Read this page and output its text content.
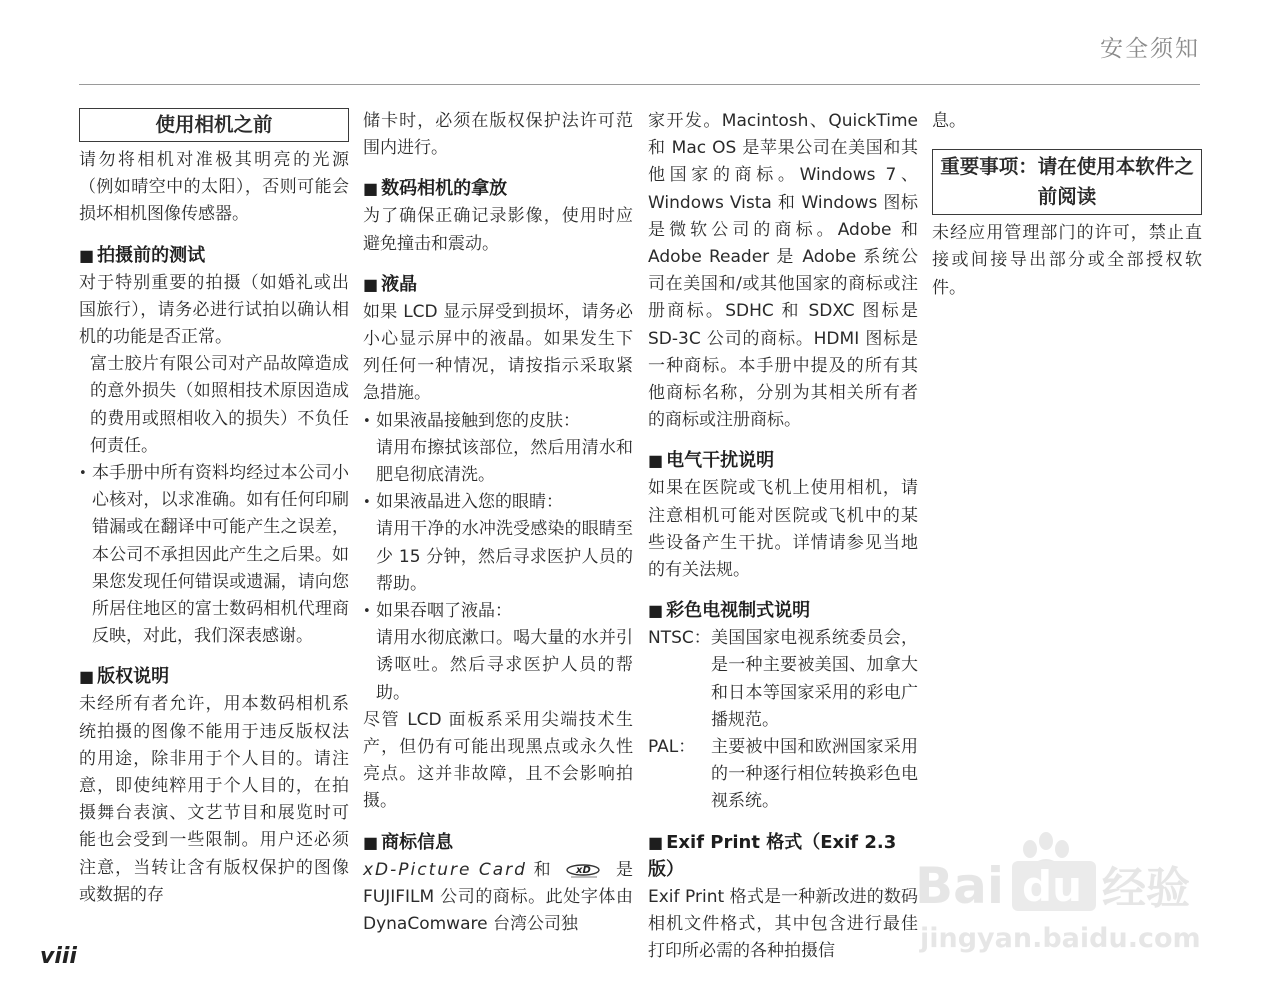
安全须知
使用相机之前

请勿将相机对准极其明亮的光源（例如晴空中的太阳），否则可能会损坏相机图像传感器。

■ 拍摄前的测试

对于特别重要的拍摄（如婚礼或出国旅行），请务必进行试拍以确认相机的功能是否正常。

富士胶片有限公司对产品故障造成的意外损失（如照相技术原因造成的费用或照相收入的损失）不负任何责任。

• 本手册中所有资料均经过本公司小心核对，以求准确。如有任何印刷错漏或在翻译中可能产生之误差，本公司不承担因此产生之后果。如果您发现任何错误或遗漏，请向您所居住地区的富士数码相机代理商反映，对此，我们深表感谢。
■ 版权说明

未经所有者允许，用本数码相机系统拍摄的图像不能用于违反版权法的用途，除非用于个人目的。请注意，即使纯粹用于个人目的，在拍摄舞台表演、文艺节目和展览时可能也会受到一些限制。用户还必须注意，当转让含有版权保护的图像或数据的存

储卡时，必须在版权保护法许可范围内进行。

■ 数码相机的拿放

为了确保正确记录影像，使用时应避免撞击和震动。

■ 液晶

如果 LCD 显示屏受到损坏，请务必小心显示屏中的液晶。如果发生下列任何一种情况，请按指示采取紧急措施。

• 如果液晶接触到您的皮肤：

请用布擦拭该部位，然后用清水和肥皂彻底清洗。

• 如果液晶进入您的眼睛：

请用干净的水冲洗受感染的眼睛至少 15 分钟，然后寻求医护人员的帮助。

• 如果吞咽了液晶：

请用水彻底漱口。喝大量的水并引诱呕吐。然后寻求医护人员的帮助。

尽管 LCD 面板系采用尖端技术生产，但仍有可能出现黑点或永久性亮点。这并非故障，且不会影响拍摄。

■ 商标信息

xD-Picture Card 和	xD 是

FUJIFILM 公司的商标。此处字体由 DynaComware 台湾公司独

家开发。Macintosh、QuickTime 和 Mac OS 是苹果公司在美国和其他国家的商标。Windows 7、Windows Vista 和 Windows 图标是微软公司的商标。Adobe 和 Adobe Reader 是 Adobe 系统公司在美国和/或其他国家的商标或注册商标。SDHC 和 SDXC 图标是 SD-3C 公司的商标。HDMI 图标是一种商标。本手册中提及的所有其他商标名称，分别为其相关所有者的商标或注册商标。

■ 电气干扰说明

如果在医院或飞机上使用相机，请注意相机可能对医院或飞机中的某些设备产生干扰。详情请参见当地的有关法规。

■ 彩色电视制式说明
NTSC： 美国国家电视系统委员会，是一种主要被美国、加拿大和日本等国家采用的彩电广播规范。
PAL： 主要被中国和欧洲国家采用的一种逐行相位转换彩色电视系统。
■ Exif Print 格式（Exif 2.3 版）

Exif Print 格式是一种新改进的数码相机文件格式，其中包含进行最佳打印所必需的各种拍摄信

息。

重要事项：请在使用本软件之前阅读

未经应用管理部门的许可，禁止直接或间接导出部分或全部授权软件。

viii
Bai du 经验
jingyan.baidu.com
